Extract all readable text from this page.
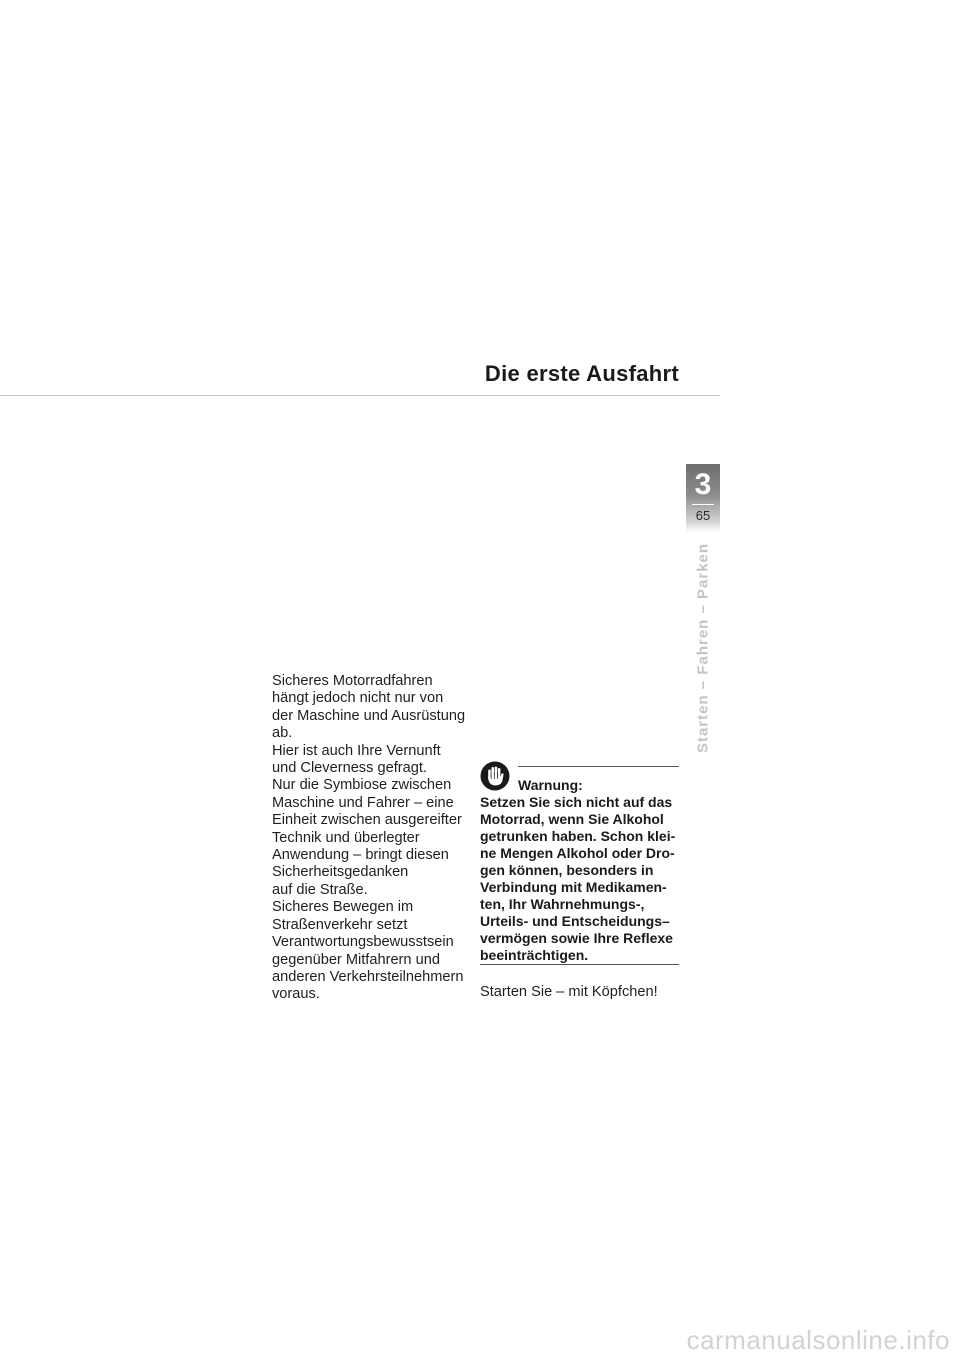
Die erste Ausfahrt
3
65
Starten – Fahren – Parken

Sicheres Motorradfahren

hängt jedoch nicht nur von

der Maschine und Ausrüstung

ab.

Hier ist auch Ihre Vernunft

und Cleverness gefragt.

Nur die Symbiose zwischen

Maschine und Fahrer – eine

Einheit zwischen ausgereifter

Technik und überlegter

Anwendung – bringt diesen

Sicherheitsgedanken

auf die Straße.

Sicheres Bewegen im

Straßenverkehr setzt

Verantwortungsbewusstsein

gegenüber Mitfahrern und

anderen Verkehrsteilnehmern

voraus.

Warnung:

Setzen Sie sich nicht auf das

Motorrad, wenn Sie Alkohol

getrunken haben. Schon klei-

ne Mengen Alkohol oder Dro-

gen können, besonders in

Verbindung mit Medikamen-

ten, Ihr Wahrnehmungs-,

Urteils- und Entscheidungs–

vermögen sowie Ihre Reflexe

beeinträchtigen.

Starten Sie – mit Köpfchen!
carmanualsonline.info
